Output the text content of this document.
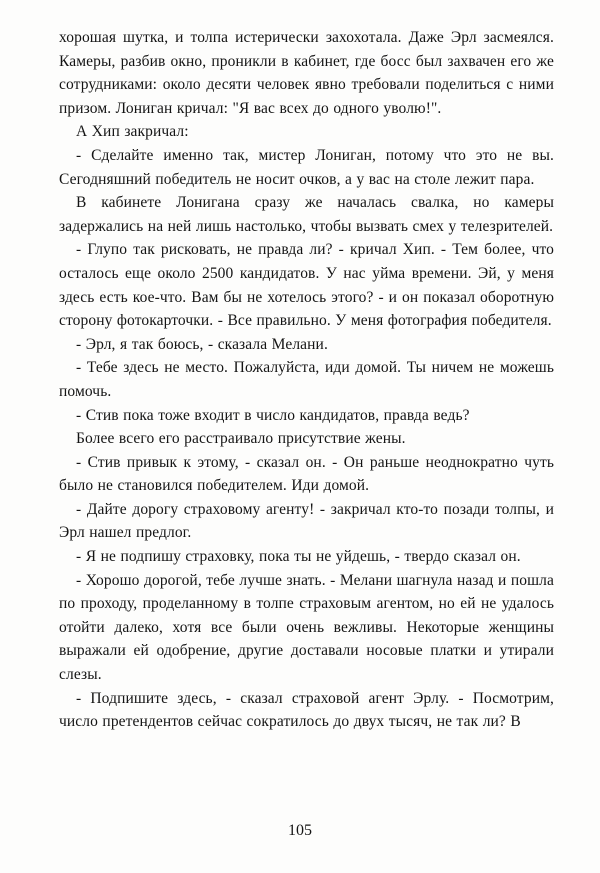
хорошая шутка, и толпа истерически захохотала. Даже Эрл засмеялся. Камеры, разбив окно, проникли в кабинет, где босс был захвачен его же сотрудниками: около десяти человек явно требовали поделиться с ними призом. Лониган кричал: "Я вас всех до одного уволю!".

А Хип закричал:

- Сделайте именно так, мистер Лониган, потому что это не вы. Сегодняшний победитель не носит очков, а у вас на столе лежит пара.

В кабинете Лонигана сразу же началась свалка, но камеры задержались на ней лишь настолько, чтобы вызвать смех у телезрителей.

- Глупо так рисковать, не правда ли? - кричал Хип. - Тем более, что осталось еще около 2500 кандидатов. У нас уйма времени. Эй, у меня здесь есть кое-что. Вам бы не хотелось этого? - и он показал оборотную сторону фотокарточки. - Все правильно. У меня фотография победителя.

- Эрл, я так боюсь, - сказала Мелани.

- Тебе здесь не место. Пожалуйста, иди домой. Ты ничем не можешь помочь.

- Стив пока тоже входит в число кандидатов, правда ведь?

Более всего его расстраивало присутствие жены.

- Стив привык к этому, - сказал он. - Он раньше неоднократно чуть было не становился победителем. Иди домой.

- Дайте дорогу страховому агенту! - закричал кто-то позади толпы, и Эрл нашел предлог.

- Я не подпишу страховку, пока ты не уйдешь, - твердо сказал он.

- Хорошо дорогой, тебе лучше знать. - Мелани шагнула назад и пошла по проходу, проделанному в толпе страховым агентом, но ей не удалось отойти далеко, хотя все были очень вежливы. Некоторые женщины выражали ей одобрение, другие доставали носовые платки и утирали слезы.

- Подпишите здесь, - сказал страховой агент Эрлу. - Посмотрим, число претендентов сейчас сократилось до двух тысяч, не так ли? В

105
